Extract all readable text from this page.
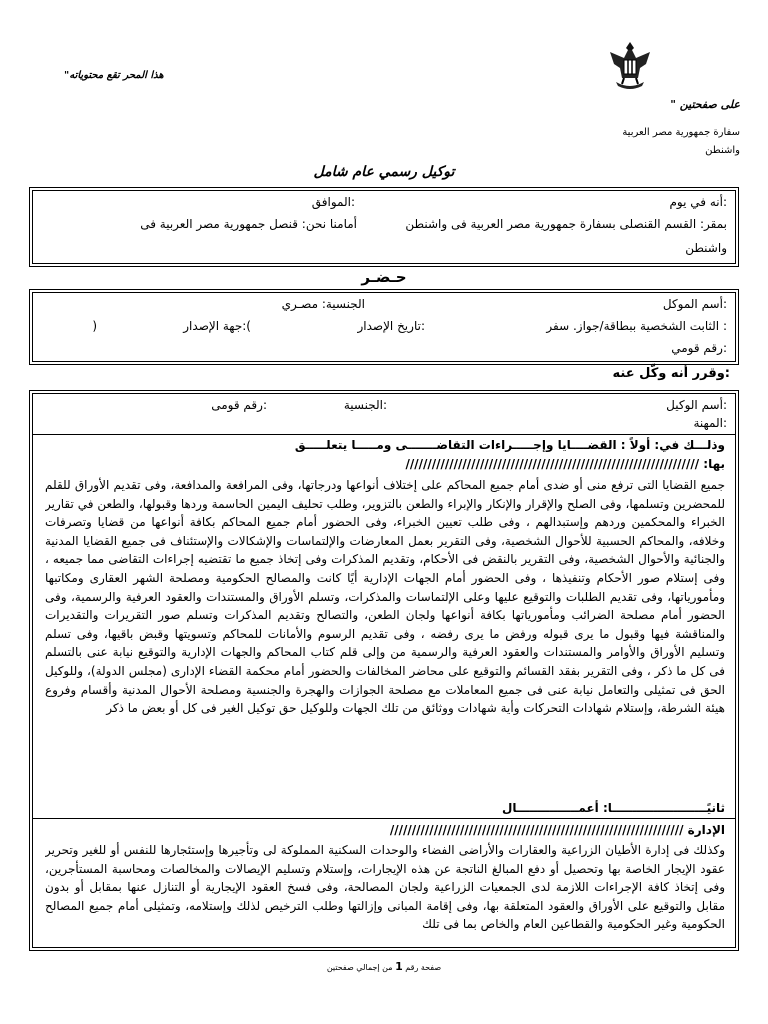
"هذا المحر تقع محتوياته
على صفحتين "
سفارة جمهورية مصر العربية
واشنطن
توكيل رسمي عام شامل
أنه في يوم:
الموافق:
بمقر: القسم القنصلى بسفارة جمهورية مصر العربية فى واشنطن
أمامنا نحن: قنصل جمهورية مصر العربية فى
واشنطن
حـضـر
أسم الموكل:
الجنسية: مصـري
الثابت الشخصية ببطاقة/جواز. سفر :
تاريخ الإصدار:
جهة الإصدار:(
)
رقم قومي:
وقرر أنه وكّل عنه:
أسم الوكيل:
الجنسية:
رقم قومى:
المهنة:
وذلـــك في: أولاً : القضــــايا وإجـــــراءات التقاضـــــــى ومـــــا يتعلـــــق
بها: ///////////////////////////////////////////////////////////////////
جميع القضايا التى ترفع منى أو ضدى أمام جميع المحاكم على إختلاف أنواعها ودرجاتها، وفى المرافعة والمدافعة، وفى تقديم الأوراق للقلم للمحضرين وتسلمها، وفى الصلح والإقرار والإنكار والإبراء والطعن بالتزوير، وطلب تحليف اليمين الحاسمة وردها وقبولها، والطعن في تقارير الخبراء والمحكمين وردهم وإستبدالهم ، وفى طلب تعيين الخبراء، وفى الحضور أمام جميع المحاكم بكافة أنواعها من قضايا وتصرفات وخلافه، والمحاكم الحسبية للأحوال الشخصية، وفى التقرير بعمل المعارضات والإلتماسات والإشكالات والإستئناف فى جميع القضايا المدنية والجنائية والأحوال الشخصية، وفى التقرير بالنقض فى الأحكام، وتقديم المذكرات وفى إتخاذ جميع ما تقتضيه إجراءات التقاضى مما جميعه ، وفى إستلام صور الأحكام وتنفيذها ، وفى الحضور أمام الجهات الإدارية أيًا كانت والمصالح الحكومية ومصلحة الشهر العقارى ومكاتبها ومأمورياتها، وفى تقديم الطلبات والتوقيع عليها وعلى الإلتماسات والمذكرات، وتسلم الأوراق والمستندات والعقود العرفية والرسمية، وفى الحضور أمام مصلحة الضرائب ومأمورياتها بكافة أنواعها ولجان الطعن، والتصالح وتقديم المذكرات وتسلم صور التقريرات والتقديرات والمناقشة فيها وقبول ما يرى قبوله ورفض ما يرى رفضه ، وفى تقديم الرسوم والأمانات للمحاكم وتسويتها وقبض باقيها، وفى تسلم وتسليم الأوراق والأوامر والمستندات والعقود العرفية والرسمية من وإلى قلم كتاب المحاكم والجهات الإدارية والتوقيع نيابة عنى بالتسلم فى كل ما ذكر ، وفى التقرير بفقد القسائم والتوقيع على محاضر المخالفات والحضور أمام محكمة القضاء الإدارى (مجلس الدولة)، وللوكيل الحق فى تمثيلى والتعامل نيابة عنى فى جميع المعاملات مع مصلحة الجوازات والهجرة والجنسية ومصلحة الأحوال المدنية وأقسام وفروع هيئة الشرطة، وإستلام شهادات التحركات وأية شهادات ووثائق من تلك الجهات وللوكيل حق توكيل الغير فى كل أو بعض ما ذكر
ثانيًـــــــــــــــــــــــا: أعمـــــــــــــــال
الإدارة ///////////////////////////////////////////////////////////////////
وكذلك فى إدارة الأطيان الزراعية والعقارات والأراضى الفضاء والوحدات السكنية المملوكة لى وتأجيرها وإستئجارها للنفس أو للغير وتحرير عقود الإيجار الخاصة بها وتحصيل أو دفع المبالغ الناتجة عن هذه الإيجارات، وإستلام وتسليم الإيصالات والمخالصات ومحاسبة المستأجرين، وفى إتخاذ كافة الإجراءات اللازمة لدى الجمعيات الزراعية ولجان المصالحة، وفى فسخ العقود الإيجارية أو التنازل عنها بمقابل أو بدون مقابل والتوقيع على الأوراق والعقود المتعلقة بها، وفى إقامة المبانى وإزالتها وطلب الترخيص لذلك وإستلامه، وتمثيلى أمام جميع المصالح الحكومية وغير الحكومية والقطاعين العام والخاص بما فى تلك
صفحة رقم 1 من إجمالي صفحتين
